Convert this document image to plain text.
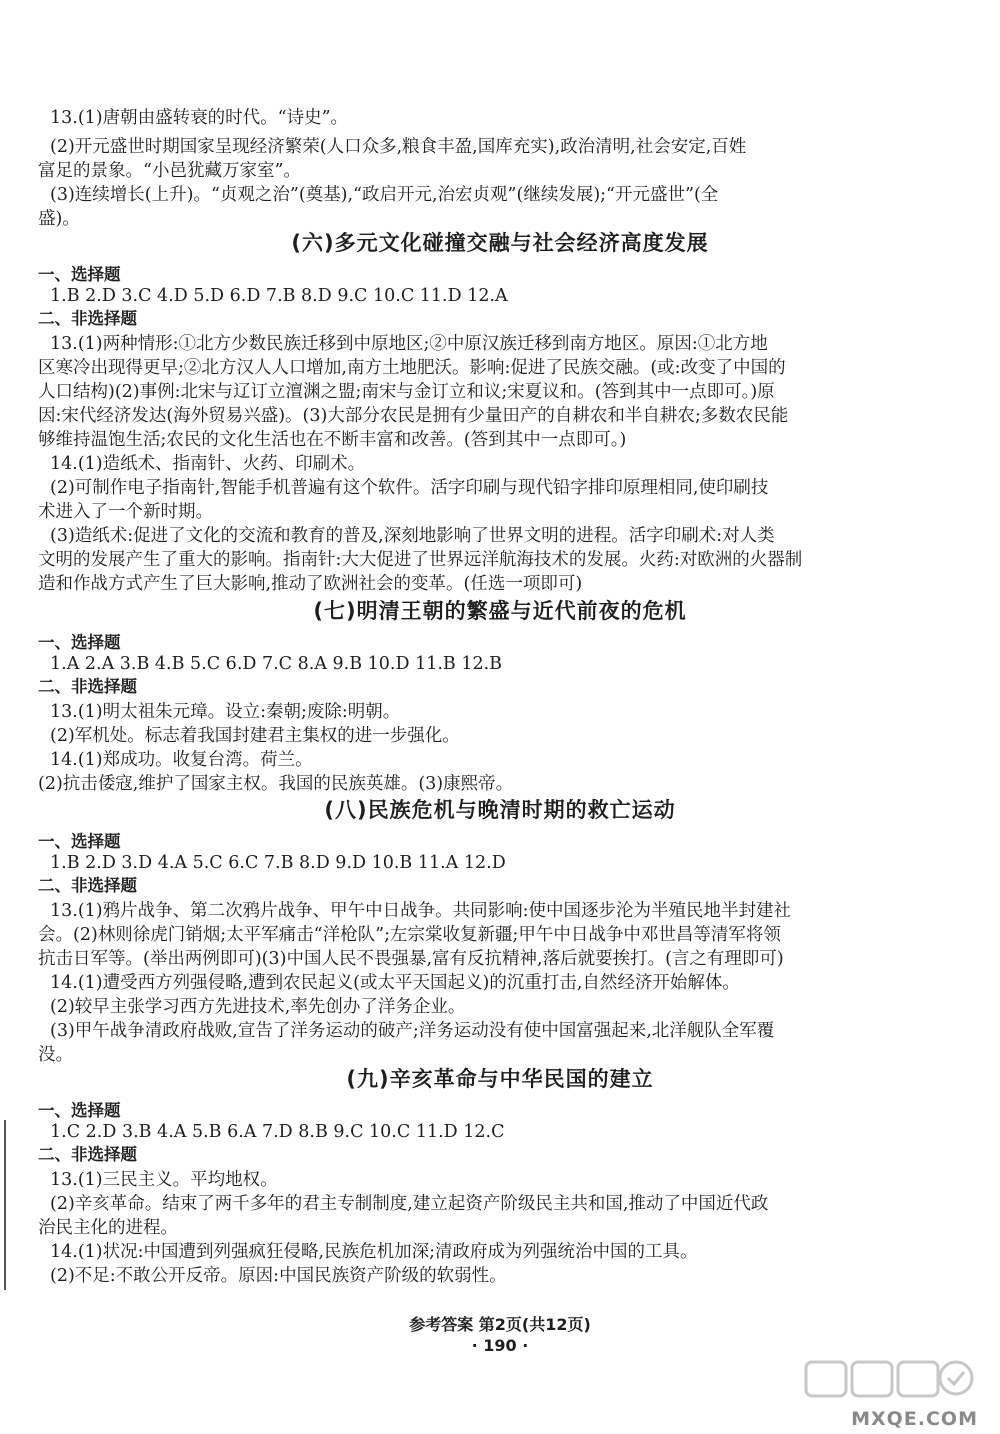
13.(1)唐朝由盛转衰的时代。“诗史”。
(2)开元盛世时期国家呈现经济繁荣(人口众多,粮食丰盈,国库充实),政治清明,社会安定,百姓
富足的景象。“小邑犹藏万家室”。
(3)连续增长(上升)。“贞观之治”(奠基),“政启开元,治宏贞观”(继续发展);“开元盛世”(全
盛)。
(六)多元文化碰撞交融与社会经济高度发展
一、选择题
1.B 2.D 3.C 4.D 5.D 6.D 7.B 8.D 9.C 10.C 11.D 12.A
二、非选择题
13.(1)两种情形:①北方少数民族迁移到中原地区;②中原汉族迁移到南方地区。原因:①北方地
区寒冷出现得更早;②北方汉人人口增加,南方土地肥沃。影响:促进了民族交融。(或:改变了中国的
人口结构)(2)事例:北宋与辽订立澶渊之盟;南宋与金订立和议;宋夏议和。(答到其中一点即可。)原
因:宋代经济发达(海外贸易兴盛)。(3)大部分农民是拥有少量田产的自耕农和半自耕农;多数农民能
够维持温饱生活;农民的文化生活也在不断丰富和改善。(答到其中一点即可。)
14.(1)造纸术、指南针、火药、印刷术。
(2)可制作电子指南针,智能手机普遍有这个软件。活字印刷与现代铅字排印原理相同,使印刷技
术进入了一个新时期。
(3)造纸术:促进了文化的交流和教育的普及,深刻地影响了世界文明的进程。活字印刷术:对人类
文明的发展产生了重大的影响。指南针:大大促进了世界远洋航海技术的发展。火药:对欧洲的火器制
造和作战方式产生了巨大影响,推动了欧洲社会的变革。(任选一项即可)
(七)明清王朝的繁盛与近代前夜的危机
一、选择题
1.A 2.A 3.B 4.B 5.C 6.D 7.C 8.A 9.B 10.D 11.B 12.B
二、非选择题
13.(1)明太祖朱元璋。设立:秦朝;废除:明朝。
(2)军机处。标志着我国封建君主集权的进一步强化。
14.(1)郑成功。收复台湾。荷兰。
(2)抗击倭寇,维护了国家主权。我国的民族英雄。(3)康熙帝。
(八)民族危机与晚清时期的救亡运动
一、选择题
1.B 2.D 3.D 4.A 5.C 6.C 7.B 8.D 9.D 10.B 11.A 12.D
二、非选择题
13.(1)鸦片战争、第二次鸦片战争、甲午中日战争。共同影响:使中国逐步沦为半殖民地半封建社
会。(2)林则徐虎门销烟;太平军痛击“洋枪队”;左宗棠收复新疆;甲午中日战争中邓世昌等清军将领
抗击日军等。(举出两例即可)(3)中国人民不畏强暴,富有反抗精神,落后就要挨打。(言之有理即可)
14.(1)遭受西方列强侵略,遭到农民起义(或太平天国起义)的沉重打击,自然经济开始解体。
(2)较早主张学习西方先进技术,率先创办了洋务企业。
(3)甲午战争清政府战败,宣告了洋务运动的破产;洋务运动没有使中国富强起来,北洋舰队全军覆
没。
(九)辛亥革命与中华民国的建立
一、选择题
1.C 2.D 3.B 4.A 5.B 6.A 7.D 8.B 9.C 10.C 11.D 12.C
二、非选择题
13.(1)三民主义。平均地权。
(2)辛亥革命。结束了两千多年的君主专制制度,建立起资产阶级民主共和国,推动了中国近代政
治民主化的进程。
14.(1)状况:中国遭到列强疯狂侵略,民族危机加深;清政府成为列强统治中国的工具。
(2)不足:不敢公开反帝。原因:中国民族资产阶级的软弱性。
参考答案 第2页(共12页)
· 190 ·
MXQE.COM
